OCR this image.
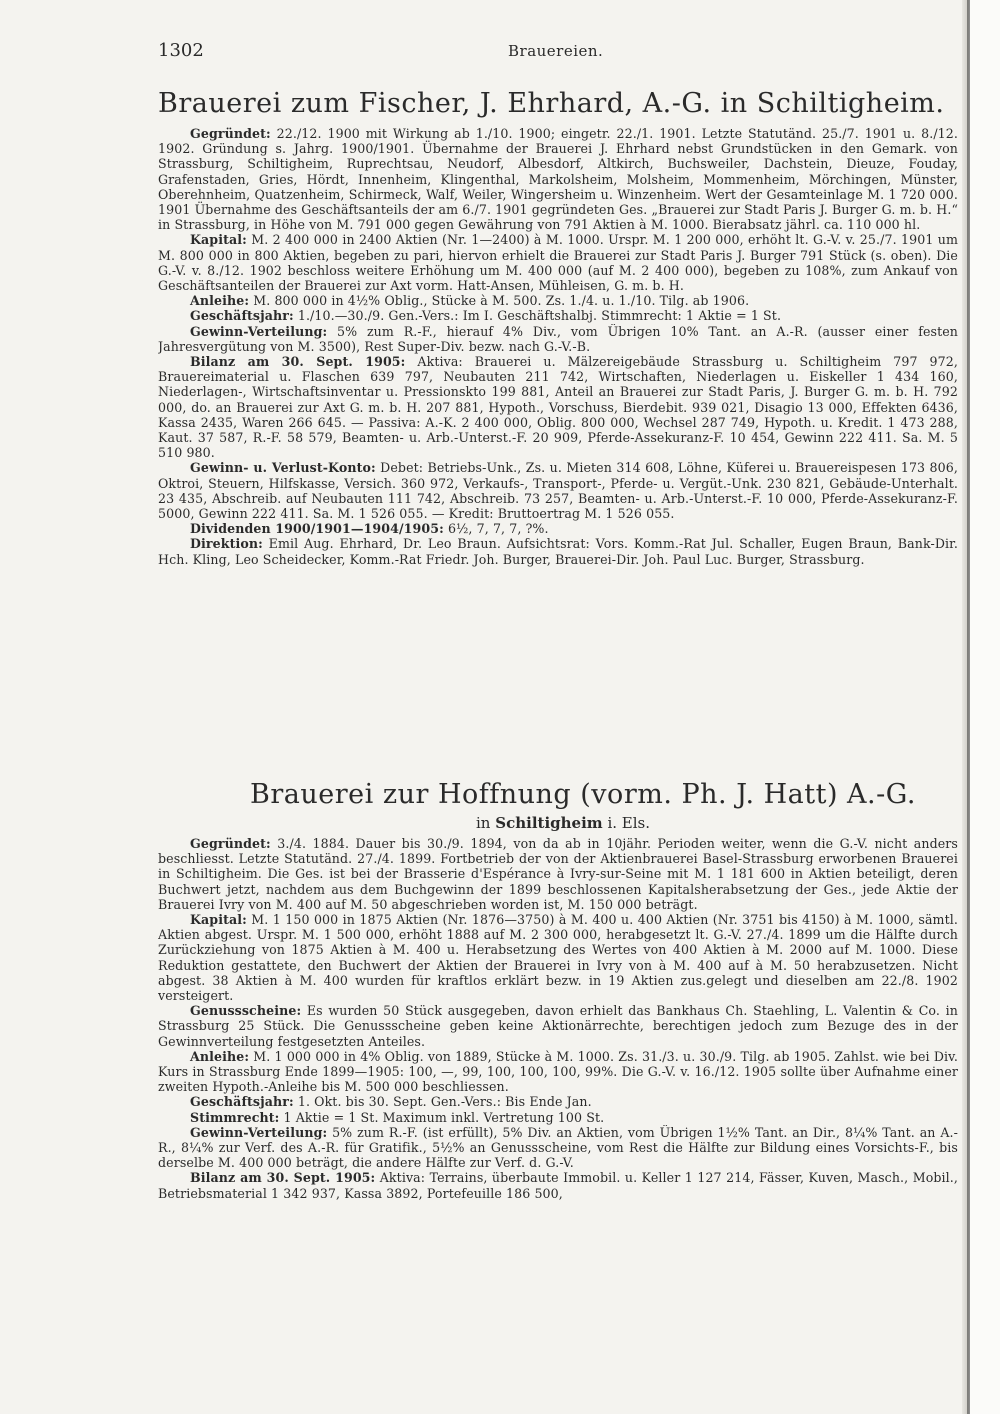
1302	Brauereien.
Brauerei zum Fischer, J. Ehrhard, A.-G. in Schiltigheim.

Gegründet: 22./12. 1900 mit Wirkung ab 1./10. 1900; eingetr. 22./1. 1901. Letzte Statutänd. 25./7. 1901 u. 8./12. 1902. Gründung s. Jahrg. 1900/1901. Übernahme der Brauerei J. Ehrhard nebst Grundstücken in den Gemark. von Strassburg, Schiltigheim, Ruprechtsau, Neudorf, Albesdorf, Altkirch, Buchsweiler, Dachstein, Dieuze, Fouday, Grafenstaden, Gries, Hördt, Innenheim, Klingenthal, Markolsheim, Molsheim, Mommenheim, Mörchingen, Münster, Oberehnheim, Quatzenheim, Schirmeck, Walf, Weiler, Wingersheim u. Winzenheim. Wert der Gesamteinlage M. 1 720 000. 1901 Übernahme des Geschäftsanteils der am 6./7. 1901 gegründeten Ges. „Brauerei zur Stadt Paris J. Burger G. m. b. H.“ in Strassburg, in Höhe von M. 791 000 gegen Gewährung von 791 Aktien à M. 1000. Bierabsatz jährl. ca. 110 000 hl.

Kapital: M. 2 400 000 in 2400 Aktien (Nr. 1—2400) à M. 1000. Urspr. M. 1 200 000, erhöht lt. G.-V. v. 25./7. 1901 um M. 800 000 in 800 Aktien, begeben zu pari, hiervon erhielt die Brauerei zur Stadt Paris J. Burger 791 Stück (s. oben). Die G.-V. v. 8./12. 1902 beschloss weitere Erhöhung um M. 400 000 (auf M. 2 400 000), begeben zu 108%, zum Ankauf von Geschäftsanteilen der Brauerei zur Axt vorm. Hatt-Ansen, Mühleisen, G. m. b. H.

Anleihe: M. 800 000 in 4½% Oblig., Stücke à M. 500. Zs. 1./4. u. 1./10. Tilg. ab 1906.

Geschäftsjahr: 1./10.—30./9. Gen.-Vers.: Im I. Geschäftshalbj. Stimmrecht: 1 Aktie = 1 St.

Gewinn-Verteilung: 5% zum R.-F., hierauf 4% Div., vom Übrigen 10% Tant. an A.-R. (ausser einer festen Jahresvergütung von M. 3500), Rest Super-Div. bezw. nach G.-V.-B.

Bilanz am 30. Sept. 1905: Aktiva: Brauerei u. Mälzereigebäude Strassburg u. Schiltigheim 797 972, Brauereimaterial u. Flaschen 639 797, Neubauten 211 742, Wirtschaften, Niederlagen u. Eiskeller 1 434 160, Niederlagen-, Wirtschaftsinventar u. Pressionskto 199 881, Anteil an Brauerei zur Stadt Paris, J. Burger G. m. b. H. 792 000, do. an Brauerei zur Axt G. m. b. H. 207 881, Hypoth., Vorschuss, Bierdebit. 939 021, Disagio 13 000, Effekten 6436, Kassa 2435, Waren 266 645. — Passiva: A.-K. 2 400 000, Oblig. 800 000, Wechsel 287 749, Hypoth. u. Kredit. 1 473 288, Kaut. 37 587, R.-F. 58 579, Beamten- u. Arb.-Unterst.-F. 20 909, Pferde-Assekuranz-F. 10 454, Gewinn 222 411. Sa. M. 5 510 980.

Gewinn- u. Verlust-Konto: Debet: Betriebs-Unk., Zs. u. Mieten 314 608, Löhne, Küferei u. Brauereispesen 173 806, Oktroi, Steuern, Hilfskasse, Versich. 360 972, Verkaufs-, Transport-, Pferde- u. Vergüt.-Unk. 230 821, Gebäude-Unterhalt. 23 435, Abschreib. auf Neubauten 111 742, Abschreib. 73 257, Beamten- u. Arb.-Unterst.-F. 10 000, Pferde-Assekuranz-F. 5000, Gewinn 222 411. Sa. M. 1 526 055. — Kredit: Bruttoertrag M. 1 526 055.

Dividenden 1900/1901—1904/1905: 6½, 7, 7, 7, ?%.

Direktion: Emil Aug. Ehrhard, Dr. Leo Braun. Aufsichtsrat: Vors. Komm.-Rat Jul. Schaller, Eugen Braun, Bank-Dir. Hch. Kling, Leo Scheidecker, Komm.-Rat Friedr. Joh. Burger, Brauerei-Dir. Joh. Paul Luc. Burger, Strassburg.

Brauerei zur Hoffnung (vorm. Ph. J. Hatt) A.-G.

in Schiltigheim i. Els.

Gegründet: 3./4. 1884. Dauer bis 30./9. 1894, von da ab in 10jähr. Perioden weiter, wenn die G.-V. nicht anders beschliesst. Letzte Statutänd. 27./4. 1899. Fortbetrieb der von der Aktienbrauerei Basel-Strassburg erworbenen Brauerei in Schiltigheim. Die Ges. ist bei der Brasserie d'Espérance à Ivry-sur-Seine mit M. 1 181 600 in Aktien beteiligt, deren Buchwert jetzt, nachdem aus dem Buchgewinn der 1899 beschlossenen Kapitalsherabsetzung der Ges., jede Aktie der Brauerei Ivry von M. 400 auf M. 50 abgeschrieben worden ist, M. 150 000 beträgt.

Kapital: M. 1 150 000 in 1875 Aktien (Nr. 1876—3750) à M. 400 u. 400 Aktien (Nr. 3751 bis 4150) à M. 1000, sämtl. Aktien abgest. Urspr. M. 1 500 000, erhöht 1888 auf M. 2 300 000, herabgesetzt lt. G.-V. 27./4. 1899 um die Hälfte durch Zurückziehung von 1875 Aktien à M. 400 u. Herabsetzung des Wertes von 400 Aktien à M. 2000 auf M. 1000. Diese Reduktion gestattete, den Buchwert der Aktien der Brauerei in Ivry von à M. 400 auf à M. 50 herabzusetzen. Nicht abgest. 38 Aktien à M. 400 wurden für kraftlos erklärt bezw. in 19 Aktien zus.gelegt und dieselben am 22./8. 1902 versteigert.

Genussscheine: Es wurden 50 Stück ausgegeben, davon erhielt das Bankhaus Ch. Staehling, L. Valentin & Co. in Strassburg 25 Stück. Die Genussscheine geben keine Aktionärrechte, berechtigen jedoch zum Bezuge des in der Gewinnverteilung festgesetzten Anteiles.

Anleihe: M. 1 000 000 in 4% Oblig. von 1889, Stücke à M. 1000. Zs. 31./3. u. 30./9. Tilg. ab 1905. Zahlst. wie bei Div. Kurs in Strassburg Ende 1899—1905: 100, —, 99, 100, 100, 100, 99%. Die G.-V. v. 16./12. 1905 sollte über Aufnahme einer zweiten Hypoth.-Anleihe bis M. 500 000 beschliessen.

Geschäftsjahr: 1. Okt. bis 30. Sept. Gen.-Vers.: Bis Ende Jan.

Stimmrecht: 1 Aktie = 1 St. Maximum inkl. Vertretung 100 St.

Gewinn-Verteilung: 5% zum R.-F. (ist erfüllt), 5% Div. an Aktien, vom Übrigen 1½% Tant. an Dir., 8¼% Tant. an A.-R., 8¼% zur Verf. des A.-R. für Gratifik., 5½% an Genussscheine, vom Rest die Hälfte zur Bildung eines Vorsichts-F., bis derselbe M. 400 000 beträgt, die andere Hälfte zur Verf. d. G.-V.

Bilanz am 30. Sept. 1905: Aktiva: Terrains, überbaute Immobil. u. Keller 1 127 214, Fässer, Kuven, Masch., Mobil., Betriebsmaterial 1 342 937, Kassa 3892, Portefeuille 186 500,
